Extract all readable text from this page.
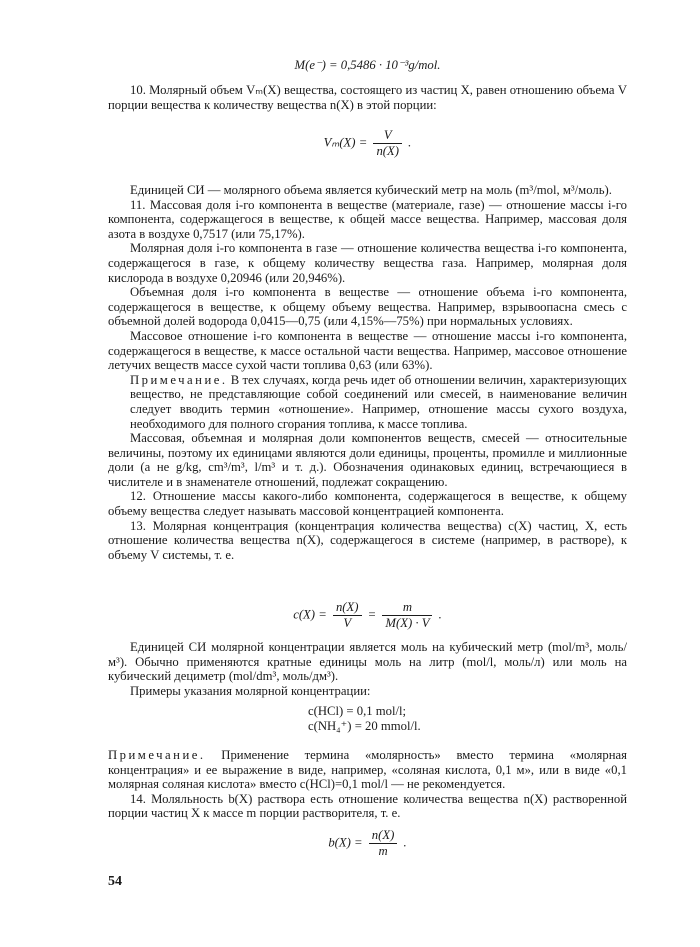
M(e⁻) = 0,5486 · 10⁻³g/mol.

10. Молярный объем Vₘ(X) вещества, состоящего из частиц X, равен отношению объема V порции вещества к количеству вещества n(X) в этой порции:

$V_m(X) = \frac{V}{n(X)}$ .

Единицей СИ — молярного объема является кубический метр на моль (m³/mol, м³/моль).

11. Массовая доля i-го компонента в веществе (материале, газе) — отношение массы i-го компонента, содержащегося в веществе, к общей массе вещества. Например, массовая доля азота в воздухе 0,7517 (или 75,17%).

Молярная доля i-го компонента в газе — отношение количества вещества i-го компонента, содержащегося в газе, к общему количеству вещества газа. Например, молярная доля кислорода в воздухе 0,20946 (или 20,946%).

Объемная доля i-го компонента в веществе — отношение объема i-го компонента, содержащегося в веществе, к общему объему вещества. Например, взрывоопасна смесь с объемной долей водорода 0,0415—0,75 (или 4,15%—75%) при нормальных условиях.

Массовое отношение i-го компонента в веществе — отношение массы i-го компонента, содержащегося в веществе, к массе остальной части вещества. Например, массовое отношение летучих веществ массе сухой части топлива 0,63 (или 63%).

Примечание. В тех случаях, когда речь идет об отношении величин, характеризующих вещество, не представляющие собой соединений или смесей, в наименование величин следует вводить термин «отношение». Например, отношение массы сухого воздуха, необходимого для полного сгорания топлива, к массе топлива.

Массовая, объемная и молярная доли компонентов веществ, смесей — относительные величины, поэтому их единицами являются доли единицы, проценты, промилле и миллионные доли (а не g/kg, cm³/m³, l/m³ и т. д.). Обозначения одинаковых единиц, встречающиеся в числителе и в знаменателе отношений, подлежат сокращению.

12. Отношение массы какого-либо компонента, содержащегося в веществе, к общему объему вещества следует называть массовой концентрацией компонента.

13. Молярная концентрация (концентрация количества вещества) c(X) частиц, X, есть отношение количества вещества n(X), содержащегося в системе (например, в растворе), к объему V системы, т. е.

$c(X) = \frac{n(X)}{V} = \frac{m}{M(X) \cdot V}$ .

Единицей СИ молярной концентрации является моль на кубический метр (mol/m³, моль/м³). Обычно применяются кратные единицы моль на литр (mol/l, моль/л) или моль на кубический дециметр (mol/dm³, моль/дм³).

Примеры указания молярной концентрации:

c(HCl) = 0,1 mol/l;
c(NH₄⁺) = 20 mmol/l.

Примечание. Применение термина «молярность» вместо термина «молярная концентрация» и ее выражение в виде, например, «соляная кислота, 0,1 м», или в виде «0,1 молярная соляная кислота» вместо c(HCl)=0,1 mol/l — не рекомендуется.

14. Моляльность b(X) раствора есть отношение количества вещества n(X) растворенной порции частиц X к массе m порции растворителя, т. е.

$b(X) = \frac{n(X)}{m}$ .
54
